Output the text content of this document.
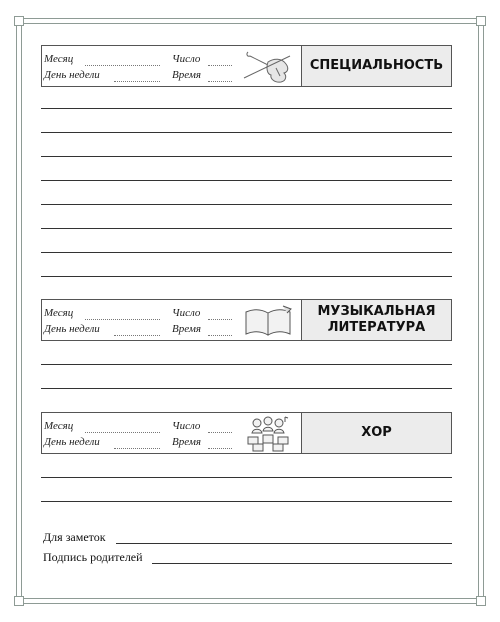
Месяц
День недели
Число
Время
СПЕЦИАЛЬНОСТЬ
Месяц
День недели
Число
Время
МУЗЫКАЛЬНАЯ
ЛИТЕРАТУРА
Месяц
День недели
Число
Время
ХОР
Для заметок
Подпись родителей
